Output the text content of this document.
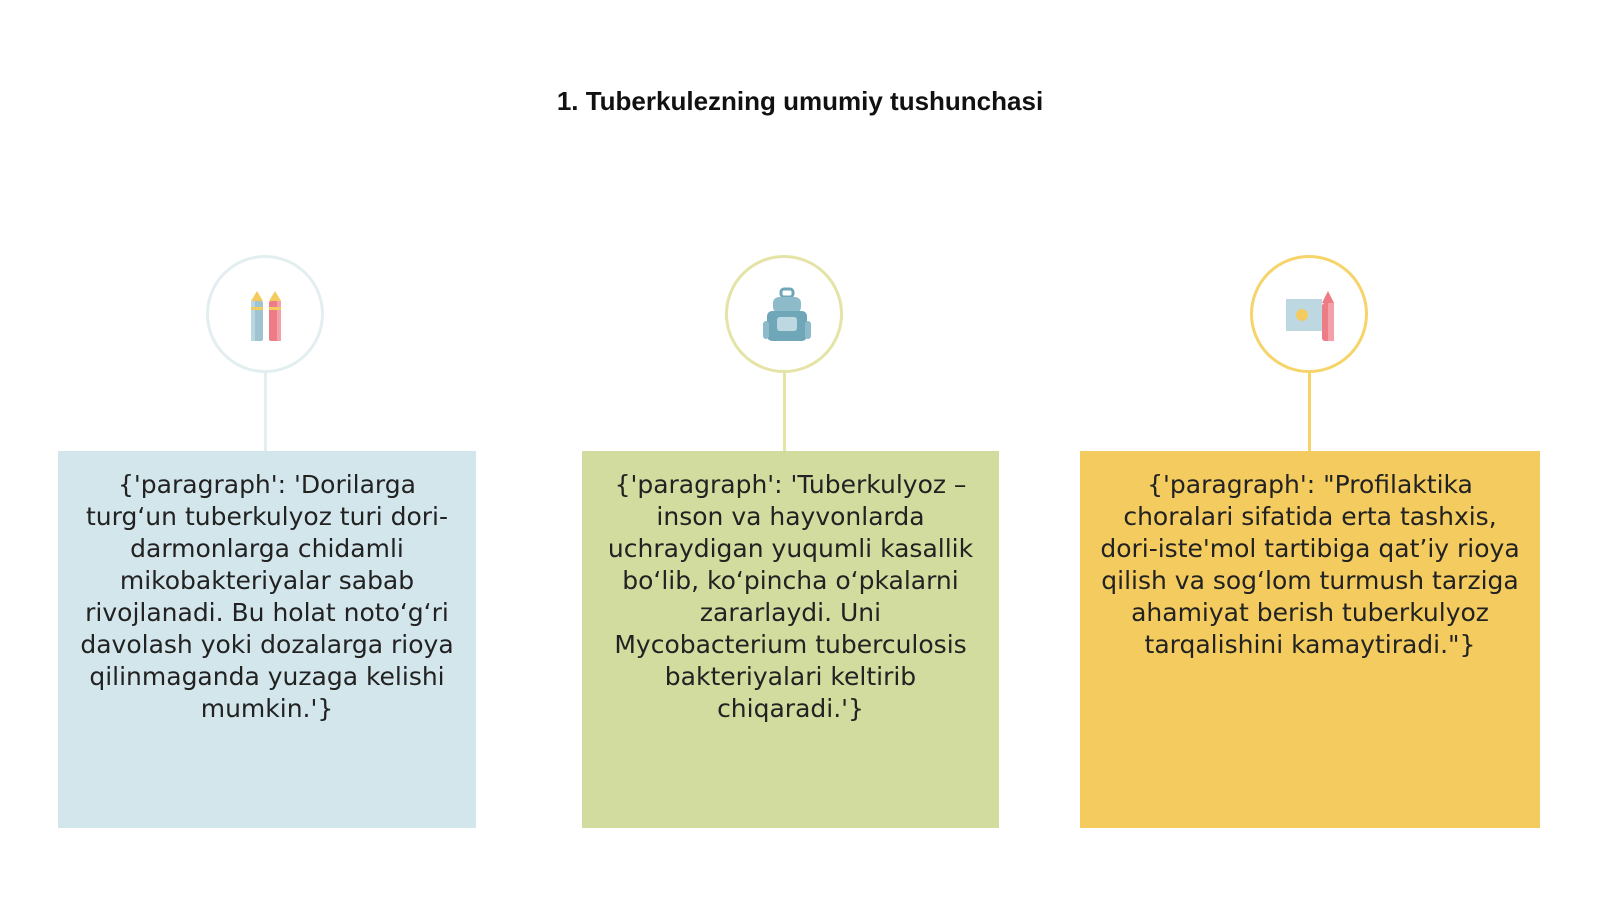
1. Tuberkulezning umumiy tushunchasi
{'paragraph': 'Dorilarga turg‘un tuberkulyoz turi dori-darmonlarga chidamli mikobakteriyalar sabab rivojlanadi. Bu holat noto‘g‘ri davolash yoki dozalarga rioya qilinmaganda yuzaga kelishi mumkin.'}
{'paragraph': 'Tuberkulyoz – inson va hayvonlarda uchraydigan yuqumli kasallik bo‘lib, ko‘pincha o‘pkalarni zararlaydi. Uni Mycobacterium tuberculosis bakteriyalari keltirib chiqaradi.'}
{'paragraph': "Profilaktika choralari sifatida erta tashxis, dori-iste'mol tartibiga qat’iy rioya qilish va sog‘lom turmush tarziga ahamiyat berish tuberkulyoz tarqalishini kamaytiradi."}
